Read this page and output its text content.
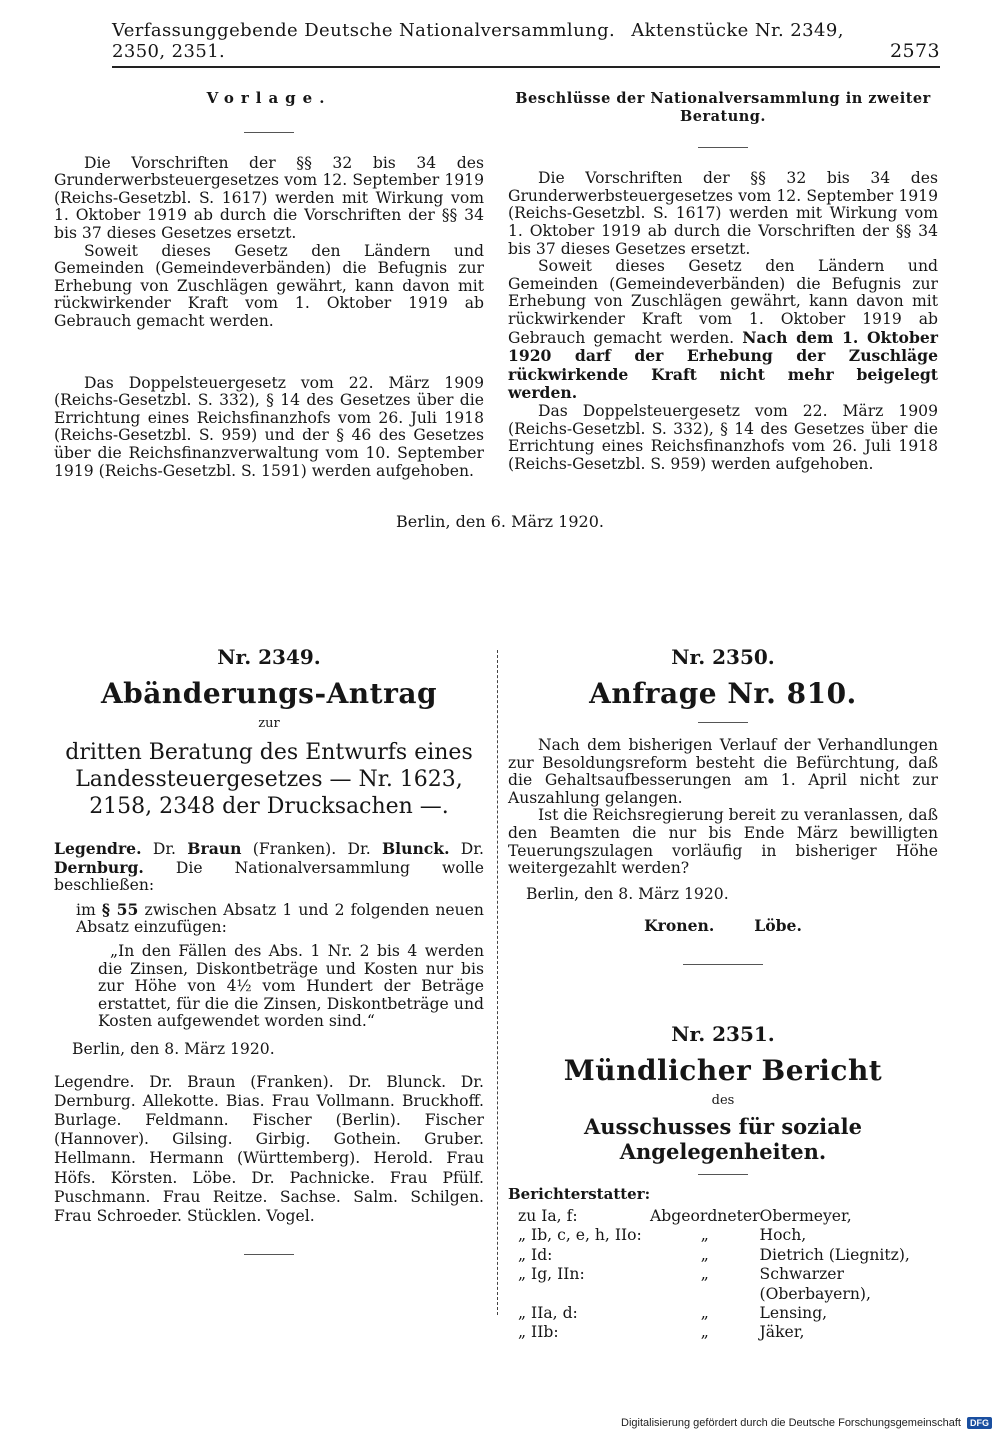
Verfassunggebende Deutsche Nationalversammlung. Aktenstücke Nr. 2349, 2350, 2351.	2573
Vorlage.

Die Vorschriften der §§ 32 bis 34 des Grunderwerbsteuergesetzes vom 12. September 1919 (Reichs-Gesetzbl. S. 1617) werden mit Wirkung vom 1. Oktober 1919 ab durch die Vorschriften der §§ 34 bis 37 dieses Gesetzes ersetzt.

Soweit dieses Gesetz den Ländern und Gemeinden (Gemeindeverbänden) die Befugnis zur Erhebung von Zuschlägen gewährt, kann davon mit rückwirkender Kraft vom 1. Oktober 1919 ab Gebrauch gemacht werden.

Das Doppelsteuergesetz vom 22. März 1909 (Reichs-Gesetzbl. S. 332), § 14 des Gesetzes über die Errichtung eines Reichsfinanzhofs vom 26. Juli 1918 (Reichs-Gesetzbl. S. 959) und der § 46 des Gesetzes über die Reichsfinanzverwaltung vom 10. September 1919 (Reichs-Gesetzbl. S. 1591) werden aufgehoben.

Beschlüsse der Nationalversammlung in zweiter Beratung.

Die Vorschriften der §§ 32 bis 34 des Grunderwerbsteuergesetzes vom 12. September 1919 (Reichs-Gesetzbl. S. 1617) werden mit Wirkung vom 1. Oktober 1919 ab durch die Vorschriften der §§ 34 bis 37 dieses Gesetzes ersetzt.

Soweit dieses Gesetz den Ländern und Gemeinden (Gemeindeverbänden) die Befugnis zur Erhebung von Zuschlägen gewährt, kann davon mit rückwirkender Kraft vom 1. Oktober 1919 ab Gebrauch gemacht werden. Nach dem 1. Oktober 1920 darf der Erhebung der Zuschläge rückwirkende Kraft nicht mehr beigelegt werden.

Das Doppelsteuergesetz vom 22. März 1909 (Reichs-Gesetzbl. S. 332), § 14 des Gesetzes über die Errichtung eines Reichsfinanzhofs vom 26. Juli 1918 (Reichs-Gesetzbl. S. 959) werden aufgehoben.

Berlin, den 6. März 1920.
Nr. 2349.
Abänderungs-Antrag
zur
dritten Beratung des Entwurfs eines Landessteuergesetzes — Nr. 1623, 2158, 2348 der Drucksachen —.

Legendre. Dr. Braun (Franken). Dr. Blunck. Dr. Dernburg. Die Nationalversammlung wolle beschließen:

im § 55 zwischen Absatz 1 und 2 folgenden neuen Absatz einzufügen:

„In den Fällen des Abs. 1 Nr. 2 bis 4 werden die Zinsen, Diskontbeträge und Kosten nur bis zur Höhe von 4½ vom Hundert der Beträge erstattet, für die die Zinsen, Diskontbeträge und Kosten aufgewendet worden sind.“

Berlin, den 8. März 1920.

Legendre. Dr. Braun (Franken). Dr. Blunck. Dr. Dernburg. Allekotte. Bias. Frau Vollmann. Bruckhoff. Burlage. Feldmann. Fischer (Berlin). Fischer (Hannover). Gilsing. Girbig. Gothein. Gruber. Hellmann. Hermann (Württemberg). Herold. Frau Höfs. Körsten. Löbe. Dr. Pachnicke. Frau Pfülf. Puschmann. Frau Reitze. Sachse. Salm. Schilgen. Frau Schroeder. Stücklen. Vogel.

Nr. 2350.
Anfrage Nr. 810.

Nach dem bisherigen Verlauf der Verhandlungen zur Besoldungsreform besteht die Befürchtung, daß die Gehaltsaufbesserungen am 1. April nicht zur Auszahlung gelangen.

Ist die Reichsregierung bereit zu veranlassen, daß den Beamten die nur bis Ende März bewilligten Teuerungszulagen vorläufig in bisheriger Höhe weitergezahlt werden?

Berlin, den 8. März 1920.

Kronen.	Löbe.

Nr. 2351.
Mündlicher Bericht
des
Ausschusses für soziale Angelegenheiten.
Berichterstatter:
zu Ia, f:	Abgeordneter	Obermeyer,
„ Ib, c, e, h, IIo:	„	Hoch,
„ Id:	„	Dietrich (Liegnitz),
„ Ig, IIn:	„	Schwarzer (Oberbayern),
„ IIa, d:	„	Lensing,
„ IIb:	„	Jäker,
Digitalisierung gefördert durch die Deutsche Forschungsgemeinschaft	DFG
